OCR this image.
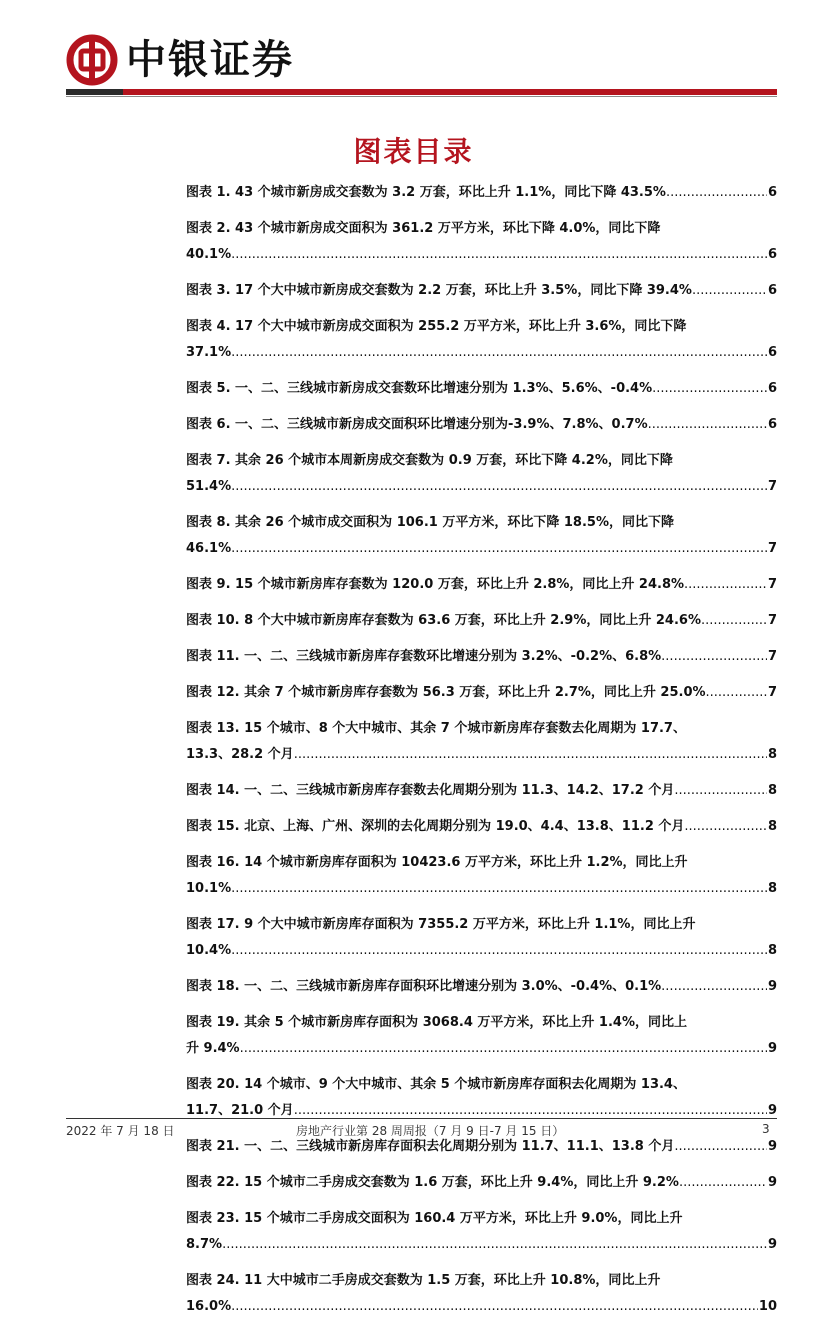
中银证券
图表目录
图表 1. 43 个城市新房成交套数为 3.2 万套，环比上升 1.1%，同比下降 43.5% .....	6
图表 2. 43 个城市新房成交面积为 361.2 万平方米，环比下降 4.0%，同比下降
40.1% .....	6
图表 3. 17 个大中城市新房成交套数为 2.2 万套，环比上升 3.5%，同比下降 39.4% .....	6
图表 4. 17 个大中城市新房成交面积为 255.2 万平方米，环比上升 3.6%，同比下降
37.1% .....	6
图表 5. 一、二、三线城市新房成交套数环比增速分别为 1.3%、5.6%、-0.4% .....	6
图表 6. 一、二、三线城市新房成交面积环比增速分别为-3.9%、7.8%、0.7% .....	6
图表 7. 其余 26 个城市本周新房成交套数为 0.9 万套，环比下降 4.2%，同比下降
51.4% .....	7
图表 8. 其余 26 个城市成交面积为 106.1 万平方米，环比下降 18.5%，同比下降
46.1% .....	7
图表 9. 15 个城市新房库存套数为 120.0 万套，环比上升 2.8%，同比上升 24.8% .....	7
图表 10. 8 个大中城市新房库存套数为 63.6 万套，环比上升 2.9%，同比上升 24.6% .....	7
图表 11. 一、二、三线城市新房库存套数环比增速分别为 3.2%、-0.2%、6.8% .....	7
图表 12. 其余 7 个城市新房库存套数为 56.3 万套，环比上升 2.7%，同比上升 25.0% .....	7
图表 13. 15 个城市、8 个大中城市、其余 7 个城市新房库存套数去化周期为 17.7、
13.3、28.2 个月 .....	8
图表 14. 一、二、三线城市新房库存套数去化周期分别为 11.3、14.2、17.2 个月 .....	8
图表 15. 北京、上海、广州、深圳的去化周期分别为 19.0、4.4、13.8、11.2 个月 .....	8
图表 16. 14 个城市新房库存面积为 10423.6 万平方米，环比上升 1.2%，同比上升
10.1% .....	8
图表 17. 9 个大中城市新房库存面积为 7355.2 万平方米，环比上升 1.1%，同比上升
10.4% .....	8
图表 18. 一、二、三线城市新房库存面积环比增速分别为 3.0%、-0.4%、0.1% .....	9
图表 19. 其余 5 个城市新房库存面积为 3068.4 万平方米，环比上升 1.4%，同比上
升 9.4% .....	9
图表 20. 14 个城市、9 个大中城市、其余 5 个城市新房库存面积去化周期为 13.4、
11.7、21.0 个月 .....	9
图表 21. 一、二、三线城市新房库存面积去化周期分别为 11.7、11.1、13.8 个月 .....	9
图表 22. 15 个城市二手房成交套数为 1.6 万套，环比上升 9.4%，同比上升 9.2% .....	9
图表 23. 15 个城市二手房成交面积为 160.4 万平方米，环比上升 9.0%，同比上升
8.7% .....	9
图表 24. 11 大中城市二手房成交套数为 1.5 万套，环比上升 10.8%，同比上升
16.0% .....	10
2022 年 7 月 18 日	房地产行业第 28 周周报（7 月 9 日-7 月 15 日）	3
